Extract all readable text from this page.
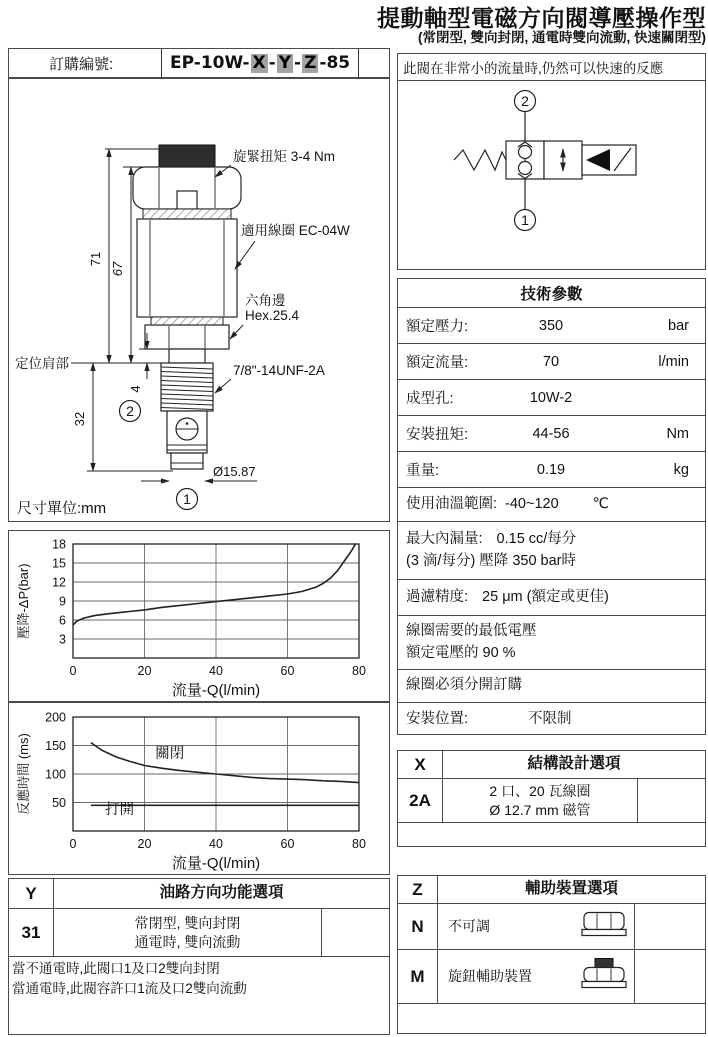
提動軸型電磁方向閥導壓操作型
(常閉型, 雙向封閉, 通電時雙向流動, 快速關閉型)
訂購編號:	EP-10W- X - Y - Z -85
71
67
32
4
Ø15.87
2
1
旋緊扭矩 3-4 Nm
適用線圈 EC-04W
六角邊
Hex.25.4
7/8"-14UNF-2A
定位肩部
尺寸單位:mm
此閥在非常小的流量時,仍然可以快速的反應
2
1
技術參數
額定壓力:	350	bar
額定流量:	70	l/min
成型孔:	10W-2
安裝扭矩:	44-56	Nm
重量:	0.19	kg
使用油溫範圍: -40~120 ℃
最大內漏量: 0.15 cc/每分
(3 滴/每分) 壓降 350 bar時
過濾精度: 25 μm (額定或更佳)
線圈需要的最低電壓
額定電壓的 90 %
線圈必須分開訂購
安裝位置:	不限制
0	20	40	60	80
3
6
9
12
15
18
流量-Q(l/min)
壓降-ΔP(bar)
0	20	40	60	80
50
100
150
200
關閉
打開
流量-Q(l/min)
反應時間 (ms)	X	結構設計選項
2A	2 口、20 瓦線圈
Ø 12.7 mm 磁管
Y	油路方向功能選項
31	常閉型, 雙向封閉
通電時, 雙向流動
當不通電時,此閥口1及口2雙向封閉
當通電時,此閥容許口1流及口2雙向流動
Z	輔助裝置選項
N	不可調
M	旋鈕輔助裝置
